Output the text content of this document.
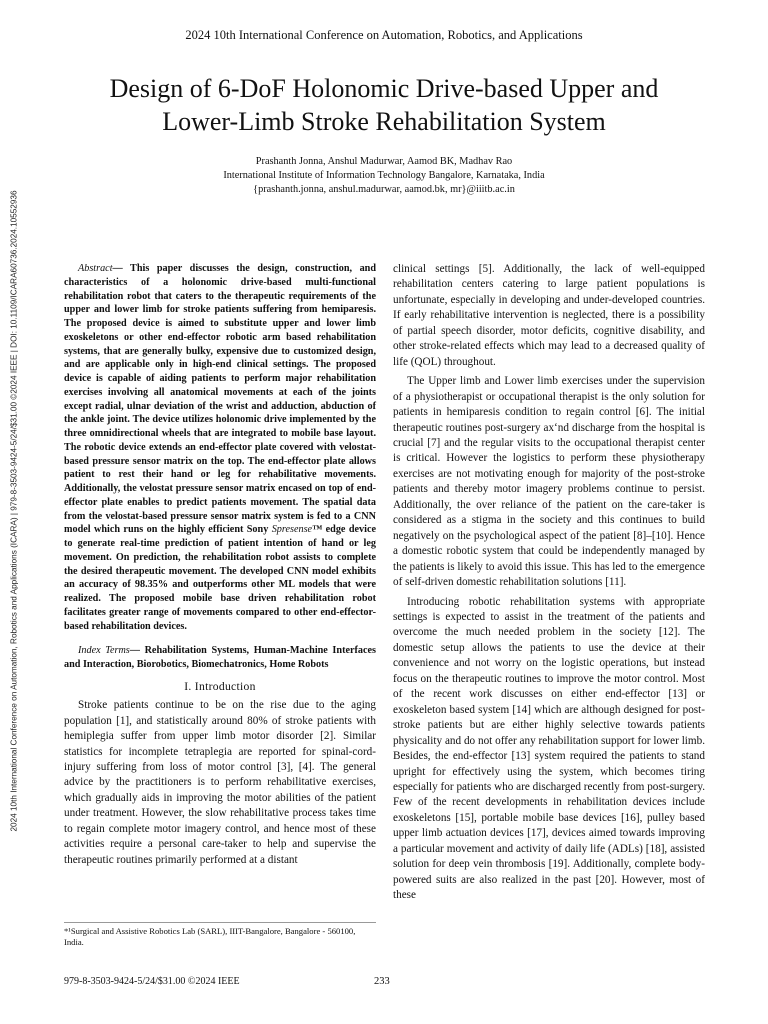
2024 10th International Conference on Automation, Robotics, and Applications
Design of 6-DoF Holonomic Drive-based Upper and
Lower-Limb Stroke Rehabilitation System
Prashanth Jonna, Anshul Madurwar, Aamod BK, Madhav Rao
International Institute of Information Technology Bangalore, Karnataka, India
{prashanth.jonna, anshul.madurwar, aamod.bk, mr}@iiitb.ac.in
2024 10th International Conference on Automation, Robotics and Applications (ICARA) | 979-8-3503-9424-5/24/$31.00 ©2024 IEEE | DOI: 10.1109/ICARA60736.2024.10552936	Abstract— This paper discusses the design, construction, and characteristics of a holonomic drive-based multi-functional rehabilitation robot that caters to the therapeutic requirements of the upper and lower limb for stroke patients suffering from hemiparesis. The proposed device is aimed to substitute upper and lower limb exoskeletons or other end-effector robotic arm based rehabilitation systems, that are generally bulky, expensive due to customized design, and are applicable only in high-end clinical settings. The proposed device is capable of aiding patients to perform major rehabilitation exercises involving all anatomical movements at each of the joints except radial, ulnar deviation of the wrist and adduction, abduction of the ankle joint. The device utilizes holonomic drive implemented by the three omnidirectional wheels that are integrated to mobile base layout. The robotic device extends an end-effector plate covered with velostat-based pressure sensor matrix on the top. The end-effector plate allows patient to rest their hand or leg for rehabilitative movements. Additionally, the velostat pressure sensor matrix encased on top of end-effector plate enables to predict patients movement. The spatial data from the velostat-based pressure sensor matrix system is fed to a CNN model which runs on the highly efficient Sony Spresense™ edge device to generate real-time prediction of patient intention of hand or leg movement. On prediction, the rehabilitation robot assists to complete the desired therapeutic movement. The developed CNN model exhibits an accuracy of 98.35% and outperforms other ML models that were realized. The proposed mobile base driven rehabilitation robot facilitates greater range of movements compared to other end-effector-based rehabilitation devices.

Index Terms— Rehabilitation Systems, Human-Machine Interfaces and Interaction, Biorobotics, Biomechatronics, Home Robots

I. Introduction

Stroke patients continue to be on the rise due to the aging population [1], and statistically around 80% of stroke patients with hemiplegia suffer from upper limb motor disorder [2]. Similar statistics for incomplete tetraplegia are reported for spinal-cord-injury suffering from loss of motor control [3], [4]. The general advice by the practitioners is to perform rehabilitative exercises, which gradually aids in improving the motor abilities of the patient under treatment. However, the slow rehabilitative process takes time to regain complete motor imagery control, and hence most of these activities require a personal care-taker to help and supervise the therapeutic routines primarily performed at a distant

clinical settings [5]. Additionally, the lack of well-equipped rehabilitation centers catering to large patient populations is unfortunate, especially in developing and under-developed countries. If early rehabilitative intervention is neglected, there is a possibility of partial speech disorder, motor deficits, cognitive disability, and other stroke-related effects which may lead to a decreased quality of life (QOL) throughout.

The Upper limb and Lower limb exercises under the supervision of a physiotherapist or occupational therapist is the only solution for patients in hemiparesis condition to regain control [6]. The initial therapeutic routines post-surgery ax‘nd discharge from the hospital is crucial [7] and the regular visits to the occupational therapist center is critical. However the logistics to perform these physiotherapy exercises are not motivating enough for majority of the post-stroke patients and thereby motor imagery problems continue to persist. Additionally, the over reliance of the patient on the care-taker is considered as a stigma in the society and this continues to build negatively on the psychological aspect of the patient [8]–[10]. Hence a domestic robotic system that could be independently managed by the patients is likely to avoid this issue. This has led to the emergence of self-driven domestic rehabilitation solutions [11].

Introducing robotic rehabilitation systems with appropriate settings is expected to assist in the treatment of the patients and overcome the much needed problem in the society [12]. The domestic setup allows the patients to use the device at their convenience and not worry on the logistic operations, but instead focus on the therapeutic routines to improve the motor control. Most of the recent work discusses on either end-effector [13] or exoskeleton based system [14] which are although designed for post-stroke patients but are either highly selective towards patients physicality and do not offer any rehabilitation support for lower limb. Besides, the end-effector [13] system required the patients to stand upright for effectively using the system, which becomes tiring especially for patients who are discharged recently from post-surgery. Few of the recent developments in rehabilitation devices include exoskeletons [15], portable mobile base devices [16], pulley based upper limb actuation devices [17], devices aimed towards improving a particular movement and activity of daily life (ADLs) [18], assisted solution for deep vein thrombosis [19]. Additionally, complete body-powered suits are also realized in the past [20]. However, most of these

*¹Surgical and Assistive Robotics Lab (SARL), IIIT-Bangalore, Bangalore - 560100, India.
979-8-3503-9424-5/24/$31.00 ©2024 IEEE	233
